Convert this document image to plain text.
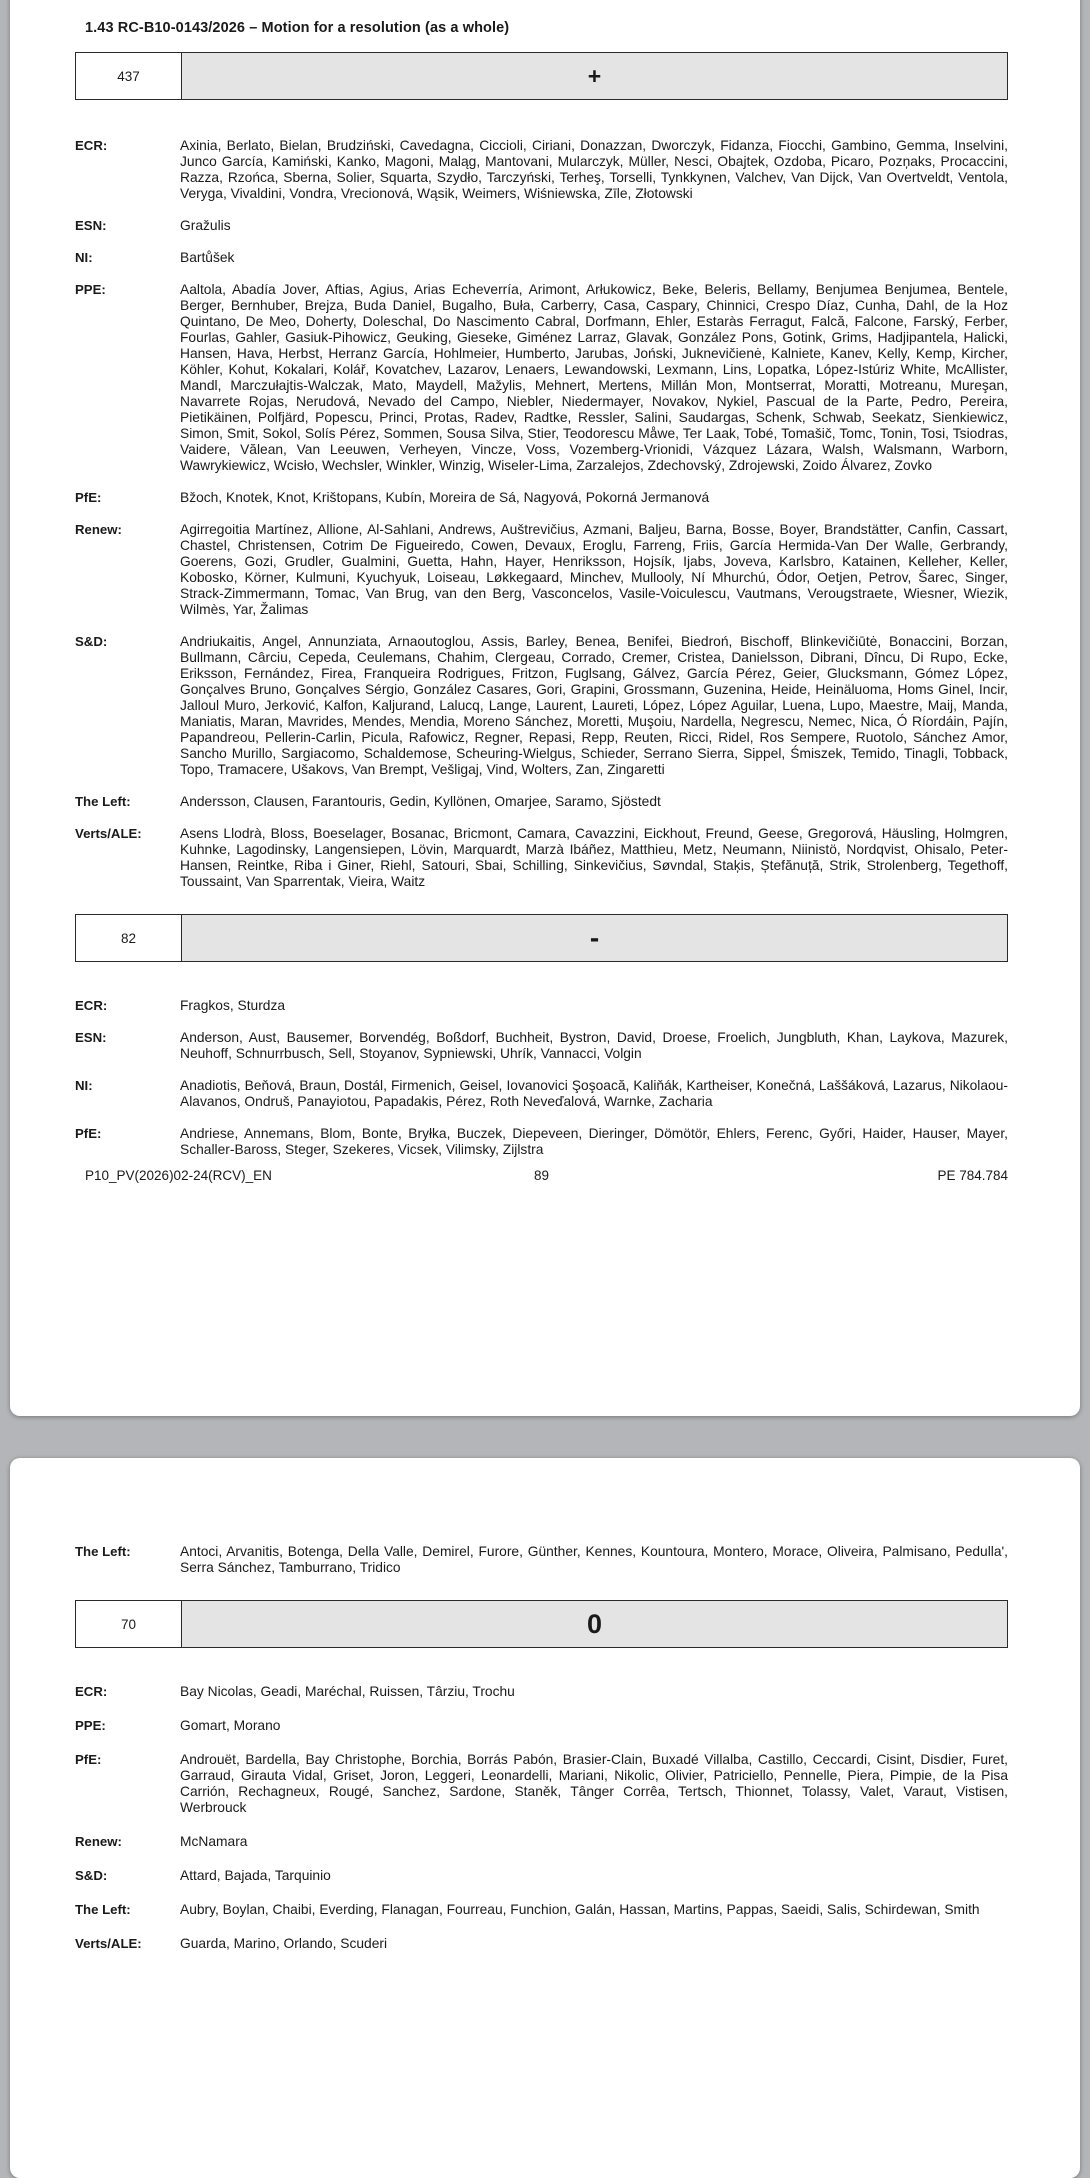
1.43 RC-B10-0143/2026 – Motion for a resolution (as a whole)
437	+
ECR:	Axinia, Berlato, Bielan, Brudziński, Cavedagna, Ciccioli, Ciriani, Donazzan, Dworczyk, Fidanza, Fiocchi, Gambino, Gemma, Inselvini, Junco García, Kamiński, Kanko, Magoni, Maląg, Mantovani, Mularczyk, Müller, Nesci, Obajtek, Ozdoba, Picaro, Pozņaks, Procaccini, Razza, Rzońca, Sberna, Solier, Squarta, Szydło, Tarczyński, Terheş, Torselli, Tynkkynen, Valchev, Van Dijck, Van Overtveldt, Ventola, Veryga, Vivaldini, Vondra, Vrecionová, Wąsik, Weimers, Wiśniewska, Zīle, Złotowski
ESN:	Gražulis
NI:	Bartůšek
PPE:	Aaltola, Abadía Jover, Aftias, Agius, Arias Echeverría, Arimont, Arłukowicz, Beke, Beleris, Bellamy, Benjumea Benjumea, Bentele, Berger, Bernhuber, Brejza, Buda Daniel, Bugalho, Buła, Carberry, Casa, Caspary, Chinnici, Crespo Díaz, Cunha, Dahl, de la Hoz Quintano, De Meo, Doherty, Doleschal, Do Nascimento Cabral, Dorfmann, Ehler, Estaràs Ferragut, Falcă, Falcone, Farský, Ferber, Fourlas, Gahler, Gasiuk-Pihowicz, Geuking, Gieseke, Giménez Larraz, Glavak, González Pons, Gotink, Grims, Hadjipantela, Halicki, Hansen, Hava, Herbst, Herranz García, Hohlmeier, Humberto, Jarubas, Joński, Juknevičienė, Kalniete, Kanev, Kelly, Kemp, Kircher, Köhler, Kohut, Kokalari, Kolář, Kovatchev, Lazarov, Lenaers, Lewandowski, Lexmann, Lins, Lopatka, López-Istúriz White, McAllister, Mandl, Marczułajtis-Walczak, Mato, Maydell, Mažylis, Mehnert, Mertens, Millán Mon, Montserrat, Moratti, Motreanu, Mureşan, Navarrete Rojas, Nerudová, Nevado del Campo, Niebler, Niedermayer, Novakov, Nykiel, Pascual de la Parte, Pedro, Pereira, Pietikäinen, Polfjärd, Popescu, Princi, Protas, Radev, Radtke, Ressler, Salini, Saudargas, Schenk, Schwab, Seekatz, Sienkiewicz, Simon, Smit, Sokol, Solís Pérez, Sommen, Sousa Silva, Stier, Teodorescu Måwe, Ter Laak, Tobé, Tomašič, Tomc, Tonin, Tosi, Tsiodras, Vaidere, Vălean, Van Leeuwen, Verheyen, Vincze, Voss, Vozemberg-Vrionidi, Vázquez Lázara, Walsh, Walsmann, Warborn, Wawrykiewicz, Wcisło, Wechsler, Winkler, Winzig, Wiseler-Lima, Zarzalejos, Zdechovský, Zdrojewski, Zoido Álvarez, Zovko
PfE:	Bžoch, Knotek, Knot, Krištopans, Kubín, Moreira de Sá, Nagyová, Pokorná Jermanová
Renew:	Agirregoitia Martínez, Allione, Al-Sahlani, Andrews, Auštrevičius, Azmani, Baljeu, Barna, Bosse, Boyer, Brandstätter, Canfin, Cassart, Chastel, Christensen, Cotrim De Figueiredo, Cowen, Devaux, Eroglu, Farreng, Friis, García Hermida-Van Der Walle, Gerbrandy, Goerens, Gozi, Grudler, Gualmini, Guetta, Hahn, Hayer, Henriksson, Hojsík, Ijabs, Joveva, Karlsbro, Katainen, Kelleher, Keller, Kobosko, Körner, Kulmuni, Kyuchyuk, Loiseau, Løkkegaard, Minchev, Mullooly, Ní Mhurchú, Ódor, Oetjen, Petrov, Šarec, Singer, Strack-Zimmermann, Tomac, Van Brug, van den Berg, Vasconcelos, Vasile-Voiculescu, Vautmans, Verougstraete, Wiesner, Wiezik, Wilmès, Yar, Žalimas
S&D:	Andriukaitis, Angel, Annunziata, Arnaoutoglou, Assis, Barley, Benea, Benifei, Biedroń, Bischoff, Blinkevičiūtė, Bonaccini, Borzan, Bullmann, Cârciu, Cepeda, Ceulemans, Chahim, Clergeau, Corrado, Cremer, Cristea, Danielsson, Dibrani, Dîncu, Di Rupo, Ecke, Eriksson, Fernández, Firea, Franqueira Rodrigues, Fritzon, Fuglsang, Gálvez, García Pérez, Geier, Glucksmann, Gómez López, Gonçalves Bruno, Gonçalves Sérgio, González Casares, Gori, Grapini, Grossmann, Guzenina, Heide, Heinäluoma, Homs Ginel, Incir, Jalloul Muro, Jerković, Kalfon, Kaljurand, Lalucq, Lange, Laurent, Laureti, López, López Aguilar, Luena, Lupo, Maestre, Maij, Manda, Maniatis, Maran, Mavrides, Mendes, Mendia, Moreno Sánchez, Moretti, Muşoiu, Nardella, Negrescu, Nemec, Nica, Ó Ríordáin, Pajín, Papandreou, Pellerin-Carlin, Picula, Rafowicz, Regner, Repasi, Repp, Reuten, Ricci, Ridel, Ros Sempere, Ruotolo, Sánchez Amor, Sancho Murillo, Sargiacomo, Schaldemose, Scheuring-Wielgus, Schieder, Serrano Sierra, Sippel, Śmiszek, Temido, Tinagli, Tobback, Topo, Tramacere, Ušakovs, Van Brempt, Vešligaj, Vind, Wolters, Zan, Zingaretti
The Left:	Andersson, Clausen, Farantouris, Gedin, Kyllönen, Omarjee, Saramo, Sjöstedt
Verts/ALE:	Asens Llodrà, Bloss, Boeselager, Bosanac, Bricmont, Camara, Cavazzini, Eickhout, Freund, Geese, Gregorová, Häusling, Holmgren, Kuhnke, Lagodinsky, Langensiepen, Lövin, Marquardt, Marzà Ibáñez, Matthieu, Metz, Neumann, Niinistö, Nordqvist, Ohisalo, Peter-Hansen, Reintke, Riba i Giner, Riehl, Satouri, Sbai, Schilling, Sinkevičius, Søvndal, Staķis, Ștefănuță, Strik, Strolenberg, Tegethoff, Toussaint, Van Sparrentak, Vieira, Waitz
82	-
ECR:	Fragkos, Sturdza
ESN:	Anderson, Aust, Bausemer, Borvendég, Boßdorf, Buchheit, Bystron, David, Droese, Froelich, Jungbluth, Khan, Laykova, Mazurek, Neuhoff, Schnurrbusch, Sell, Stoyanov, Sypniewski, Uhrík, Vannacci, Volgin
NI:	Anadiotis, Beňová, Braun, Dostál, Firmenich, Geisel, Iovanovici Şoşoacă, Kaliňák, Kartheiser, Konečná, Laššáková, Lazarus, Nikolaou-Alavanos, Ondruš, Panayiotou, Papadakis, Pérez, Roth Neveďalová, Warnke, Zacharia
PfE:	Andriese, Annemans, Blom, Bonte, Bryłka, Buczek, Diepeveen, Dieringer, Dömötör, Ehlers, Ferenc, Győri, Haider, Hauser, Mayer, Schaller-Baross, Steger, Szekeres, Vicsek, Vilimsky, Zijlstra
P10_PV(2026)02-24(RCV)_EN	89	PE 784.784
The Left:	Antoci, Arvanitis, Botenga, Della Valle, Demirel, Furore, Günther, Kennes, Kountoura, Montero, Morace, Oliveira, Palmisano, Pedulla', Serra Sánchez, Tamburrano, Tridico
70	0
ECR:	Bay Nicolas, Geadi, Maréchal, Ruissen, Târziu, Trochu
PPE:	Gomart, Morano
PfE:	Androuët, Bardella, Bay Christophe, Borchia, Borrás Pabón, Brasier-Clain, Buxadé Villalba, Castillo, Ceccardi, Cisint, Disdier, Furet, Garraud, Girauta Vidal, Griset, Joron, Leggeri, Leonardelli, Mariani, Nikolic, Olivier, Patriciello, Pennelle, Piera, Pimpie, de la Pisa Carrión, Rechagneux, Rougé, Sanchez, Sardone, Staněk, Tânger Corrêa, Tertsch, Thionnet, Tolassy, Valet, Varaut, Vistisen, Werbrouck
Renew:	McNamara
S&D:	Attard, Bajada, Tarquinio
The Left:	Aubry, Boylan, Chaibi, Everding, Flanagan, Fourreau, Funchion, Galán, Hassan, Martins, Pappas, Saeidi, Salis, Schirdewan, Smith
Verts/ALE:	Guarda, Marino, Orlando, Scuderi
